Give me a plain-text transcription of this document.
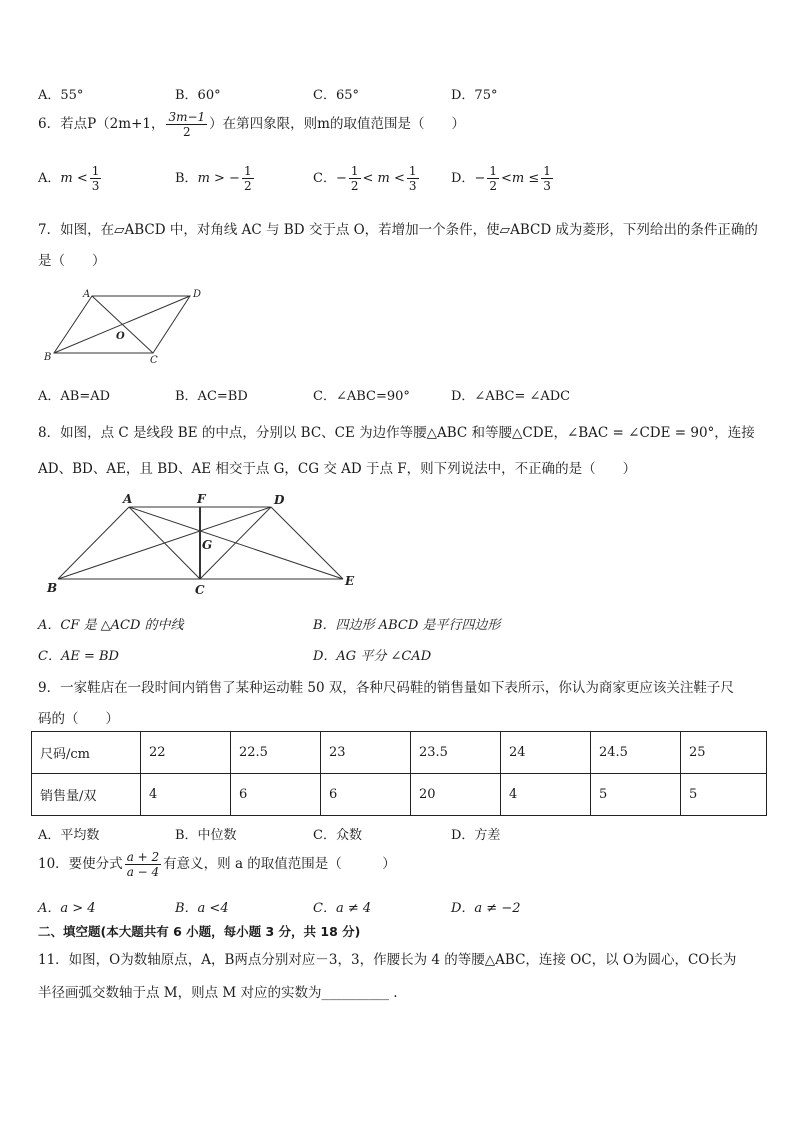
A．55°	B．60°	C．65°	D．75°
6．若点P（2m+1， $\frac{3m-1}{2}$ ）在第四象限，则m的取值范围是（　　）
A．$m < \frac{1}{3}$	B．m > − $\frac{1}{2}$	C．− $\frac{1}{2} < m < \frac{1}{3}$ D．− $\frac{1}{2} <m \le \frac{1}{3}$
7．如图，在▱ABCD 中，对角线 AC 与 BD 交于点 O，若增加一个条件，使▱ABCD 成为菱形，下列给出的条件正确的
是（　　）
A	D
B	C
O
A．AB=AD	B．AC=BD	C．∠ABC=90°	D．∠ABC= ∠ADC
8．如图，点 C 是线段 BE 的中点，分别以 BC、CE 为边作等腰△ABC 和等腰△CDE，∠BAC = ∠CDE = 90°，连接
AD、BD、AE，且 BD、AE 相交于点 G，CG 交 AD 于点 F，则下列说法中，不正确的是（　　）
A	F	D
G
B	C
E
A．CF 是 △ACD 的中线	B．四边形 ABCD 是平行四边形
C．AE = BD	D．AG 平分 ∠CAD
9．一家鞋店在一段时间内销售了某种运动鞋 50 双，各种尺码鞋的销售量如下表所示，你认为商家更应该关注鞋子尺
码的（　　）
尺码/cm	22	22.5	23	23.5	24	24.5	25
销售量/双	4	6	6	20	4	5	5
A．平均数	B．中位数	C．众数	D．方差
10．要使分式 $\frac{a + 2}{a - 4}$ 有意义，则 a 的取值范围是（　　　）
A．a > 4	B．a <4	C．a ≠ 4	D．a ≠ −2
二、填空题(本大题共有 6 小题，每小题 3 分，共 18 分)
11．如图，O为数轴原点，A，B两点分别对应－3，3，作腰长为 4 的等腰△ABC，连接 OC，以 O为圆心，CO长为
半径画弧交数轴于点 M，则点 M 对应的实数为__________ .
